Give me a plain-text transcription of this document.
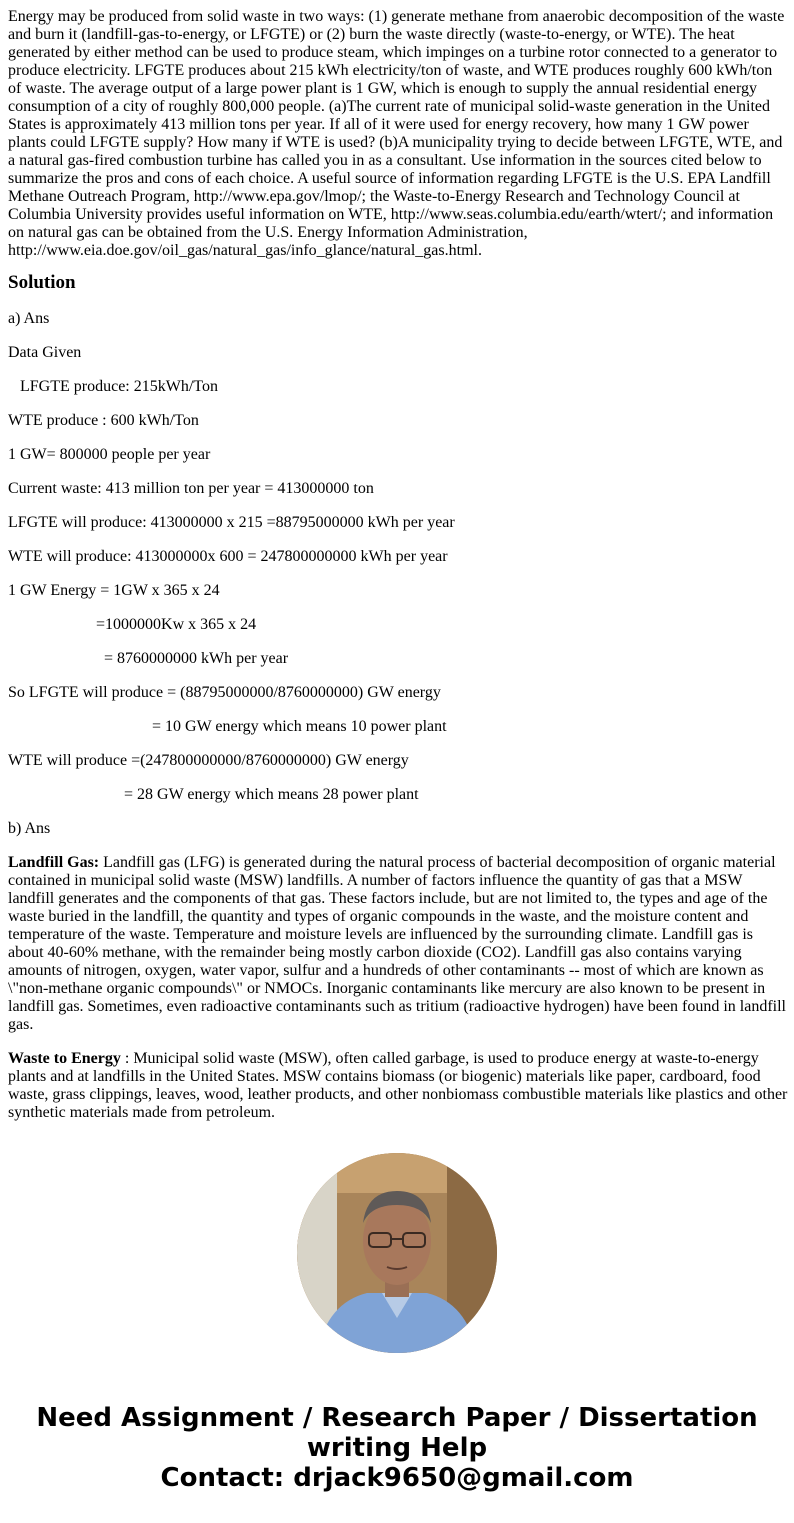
Energy may be produced from solid waste in two ways: (1) generate methane from anaerobic decomposition of the waste and burn it (landfill-gas-to-energy, or LFGTE) or (2) burn the waste directly (waste-to-energy, or WTE). The heat generated by either method can be used to produce steam, which impinges on a turbine rotor connected to a generator to produce electricity. LFGTE produces about 215 kWh electricity/ton of waste, and WTE produces roughly 600 kWh/ton of waste. The average output of a large power plant is 1 GW, which is enough to supply the annual residential energy consumption of a city of roughly 800,000 people. (a)The current rate of municipal solid-waste generation in the United States is approximately 413 million tons per year. If all of it were used for energy recovery, how many 1 GW power plants could LFGTE supply? How many if WTE is used? (b)A municipality trying to decide between LFGTE, WTE, and a natural gas-fired combustion turbine has called you in as a consultant. Use information in the sources cited below to summarize the pros and cons of each choice. A useful source of information regarding LFGTE is the U.S. EPA Landfill Methane Outreach Program, http://www.epa.gov/lmop/; the Waste-to-Energy Research and Technology Council at Columbia University provides useful information on WTE, http://www.seas.columbia.edu/earth/wtert/; and information on natural gas can be obtained from the U.S. Energy Information Administration, http://www.eia.doe.gov/oil_gas/natural_gas/info_glance/natural_gas.html.

Solution

a) Ans

Data Given

LFGTE produce: 215kWh/Ton

WTE produce : 600 kWh/Ton

1 GW= 800000 people per year

Current waste: 413 million ton per year = 413000000 ton

LFGTE will produce: 413000000 x 215 =88795000000 kWh per year

WTE will produce: 413000000x 600 = 247800000000 kWh per year

1 GW Energy = 1GW x 365 x 24

=1000000Kw x 365 x 24

= 8760000000 kWh per year

So LFGTE will produce = (88795000000/8760000000) GW energy

= 10 GW energy which means 10 power plant

WTE will produce =(247800000000/8760000000) GW energy

= 28 GW energy which means 28 power plant

b) Ans

Landfill Gas: Landfill gas (LFG) is generated during the natural process of bacterial decomposition of organic material contained in municipal solid waste (MSW) landfills. A number of factors influence the quantity of gas that a MSW landfill generates and the components of that gas. These factors include, but are not limited to, the types and age of the waste buried in the landfill, the quantity and types of organic compounds in the waste, and the moisture content and temperature of the waste. Temperature and moisture levels are influenced by the surrounding climate. Landfill gas is about 40-60% methane, with the remainder being mostly carbon dioxide (CO2). Landfill gas also contains varying amounts of nitrogen, oxygen, water vapor, sulfur and a hundreds of other contaminants -- most of which are known as \"non-methane organic compounds\" or NMOCs. Inorganic contaminants like mercury are also known to be present in landfill gas. Sometimes, even radioactive contaminants such as tritium (radioactive hydrogen) have been found in landfill gas.

Waste to Energy : Municipal solid waste (MSW), often called garbage, is used to produce energy at waste-to-energy plants and at landfills in the United States. MSW contains biomass (or biogenic) materials like paper, cardboard, food waste, grass clippings, leaves, wood, leather products, and other nonbiomass combustible materials like plastics and other synthetic materials made from petroleum.

Need Assignment / Research Paper / Dissertation
writing Help
Contact: drjack9650@gmail.com
